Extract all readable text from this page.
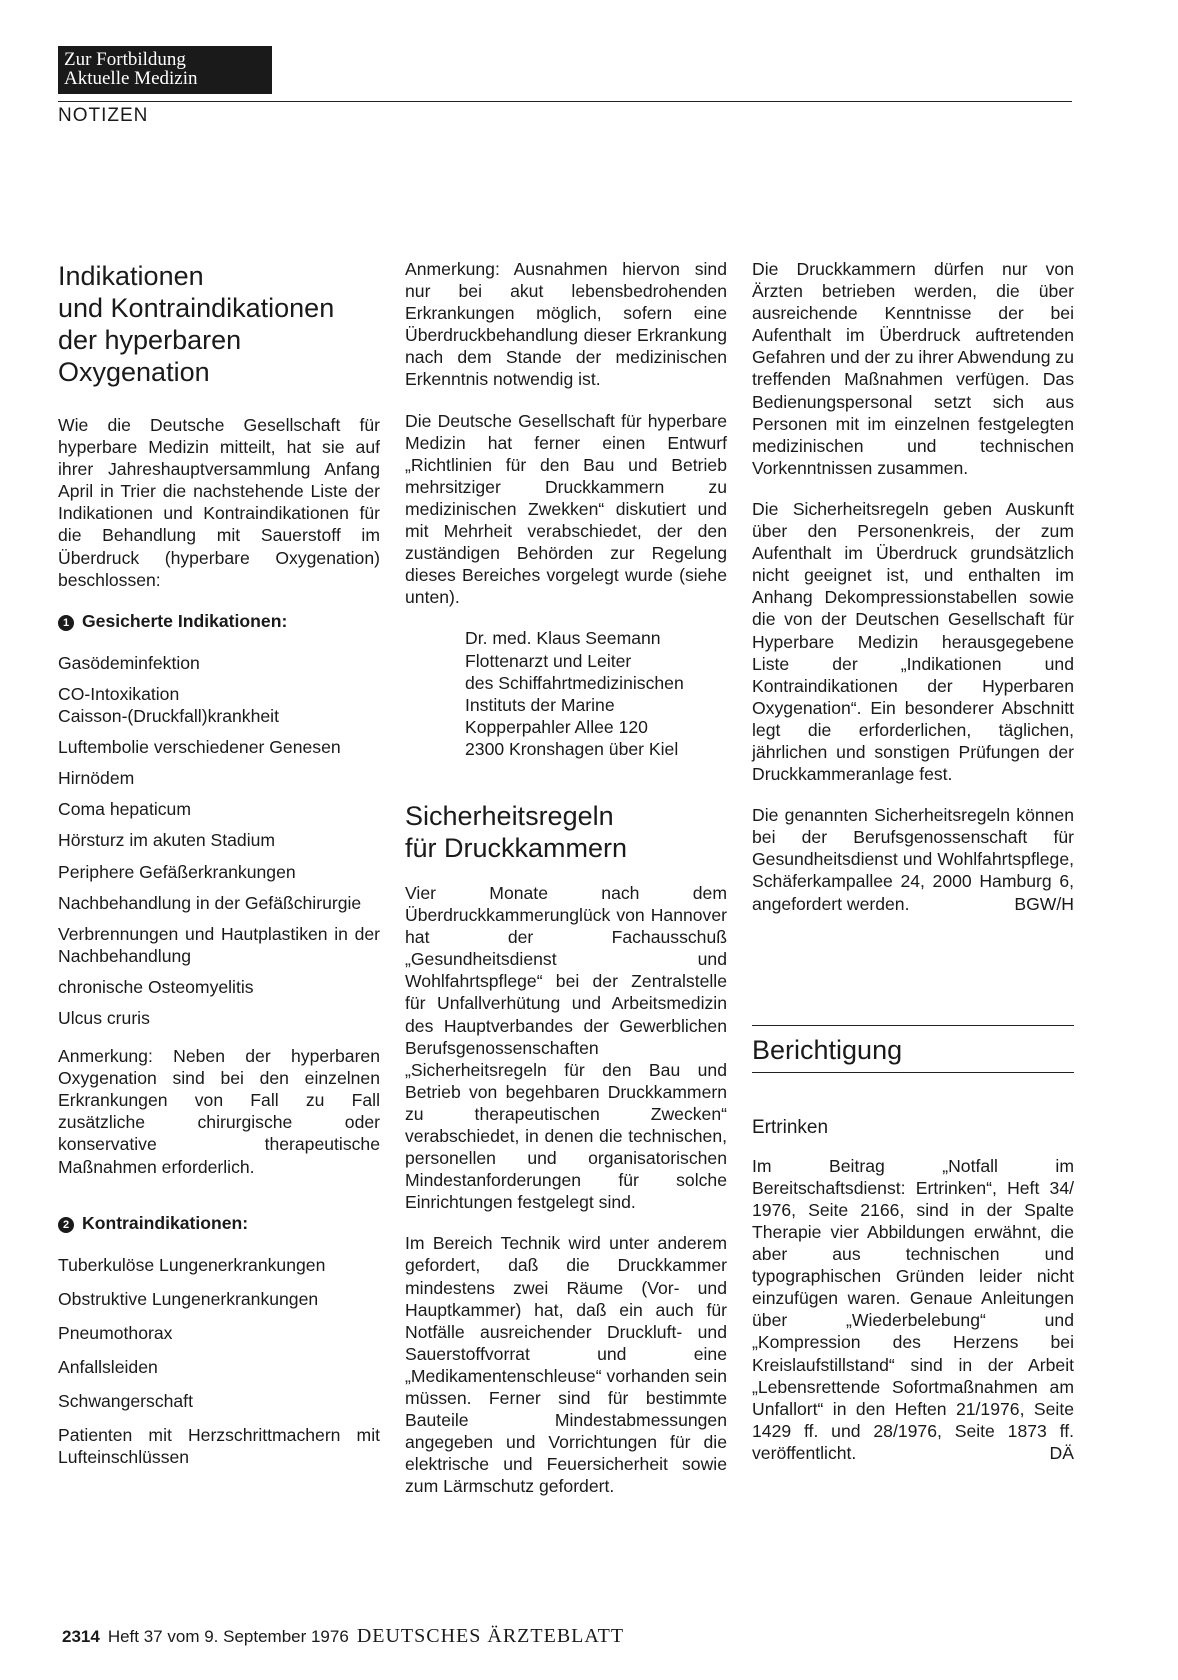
Zur Fortbildung
Aktuelle Medizin
NOTIZEN
Indikationen
und Kontraindikationen
der hyperbaren
Oxygenation

Wie die Deutsche Gesellschaft für hyperbare Medizin mitteilt, hat sie auf ihrer Jahreshauptversammlung Anfang April in Trier die nachstehende Liste der Indikationen und Kontraindikationen für die Behandlung mit Sauerstoff im Überdruck (hyperbare Oxygenation) beschlossen:

1 Gesicherte Indikationen:
Gasödeminfektion
CO-Intoxikation
Caisson-(Druckfall)krankheit
Luftembolie verschiedener Genesen
Hirnödem
Coma hepaticum
Hörsturz im akuten Stadium
Periphere Gefäßerkrankungen
Nachbehandlung in der Gefäßchirurgie
Verbrennungen und Hautplastiken in der Nachbehandlung
chronische Osteomyelitis
Ulcus cruris

Anmerkung: Neben der hyperbaren Oxygenation sind bei den einzelnen Erkrankungen von Fall zu Fall zusätzliche chirurgische oder konservative therapeutische Maßnahmen erforderlich.

2 Kontraindikationen:
Tuberkulöse Lungenerkrankungen
Obstruktive Lungenerkrankungen
Pneumothorax
Anfallsleiden
Schwangerschaft
Patienten mit Herzschrittmachern mit Lufteinschlüssen

Anmerkung: Ausnahmen hiervon sind nur bei akut lebensbedrohenden Erkrankungen möglich, sofern eine Überdruckbehandlung dieser Erkrankung nach dem Stande der medizinischen Erkenntnis notwendig ist.

Die Deutsche Gesellschaft für hyperbare Medizin hat ferner einen Entwurf „Richtlinien für den Bau und Betrieb mehrsitziger Druckkammern zu medizinischen Zwekken“ diskutiert und mit Mehrheit verabschiedet, der den zuständigen Behörden zur Regelung dieses Bereiches vorgelegt wurde (siehe unten).

Dr. med. Klaus Seemann
Flottenarzt und Leiter
des Schiffahrtmedizinischen
Instituts der Marine
Kopperpahler Allee 120
2300 Kronshagen über Kiel
Sicherheitsregeln
für Druckkammern

Vier Monate nach dem Überdruckkammerunglück von Hannover hat der Fachausschuß „Gesundheitsdienst und Wohlfahrtspflege“ bei der Zentralstelle für Unfallverhütung und Arbeitsmedizin des Hauptverbandes der Gewerblichen Berufsgenossenschaften „Sicherheitsregeln für den Bau und Betrieb von begehbaren Druckkammern zu therapeutischen Zwecken“ verabschiedet, in denen die technischen, personellen und organisatorischen Mindestanforderungen für solche Einrichtungen festgelegt sind.

Im Bereich Technik wird unter anderem gefordert, daß die Druckkammer mindestens zwei Räume (Vor- und Hauptkammer) hat, daß ein auch für Notfälle ausreichender Druckluft- und Sauerstoffvorrat und eine „Medikamentenschleuse“ vorhanden sein müssen. Ferner sind für bestimmte Bauteile Mindestabmessungen angegeben und Vorrichtungen für die elektrische und Feuersicherheit sowie zum Lärmschutz gefordert.

Die Druckkammern dürfen nur von Ärzten betrieben werden, die über ausreichende Kenntnisse der bei Aufenthalt im Überdruck auftretenden Gefahren und der zu ihrer Abwendung zu treffenden Maßnahmen verfügen. Das Bedienungspersonal setzt sich aus Personen mit im einzelnen festgelegten medizinischen und technischen Vorkenntnissen zusammen.

Die Sicherheitsregeln geben Auskunft über den Personenkreis, der zum Aufenthalt im Überdruck grundsätzlich nicht geeignet ist, und enthalten im Anhang Dekompressionstabellen sowie die von der Deutschen Gesellschaft für Hyperbare Medizin herausgegebene Liste der „Indikationen und Kontraindikationen der Hyperbaren Oxygenation“. Ein besonderer Abschnitt legt die erforderlichen, täglichen, jährlichen und sonstigen Prüfungen der Druckkammeranlage fest.

Die genannten Sicherheitsregeln können bei der Berufsgenossenschaft für Gesundheitsdienst und Wohlfahrtspflege, Schäferkampallee 24, 2000 Hamburg 6, angefordert werden.	BGW/H

Berichtigung
Ertrinken

Im Beitrag „Notfall im Bereitschaftsdienst: Ertrinken“, Heft 34/ 1976, Seite 2166, sind in der Spalte Therapie vier Abbildungen erwähnt, die aber aus technischen und typographischen Gründen leider nicht einzufügen waren. Genaue Anleitungen über „Wiederbelebung“ und „Kompression des Herzens bei Kreislaufstillstand“ sind in der Arbeit „Lebensrettende Sofortmaßnahmen am Unfallort“ in den Heften 21/1976, Seite 1429 ff. und 28/1976, Seite 1873 ff. veröffentlicht.	DÄ

2314 Heft 37 vom 9. September 1976 DEUTSCHES ÄRZTEBLATT
